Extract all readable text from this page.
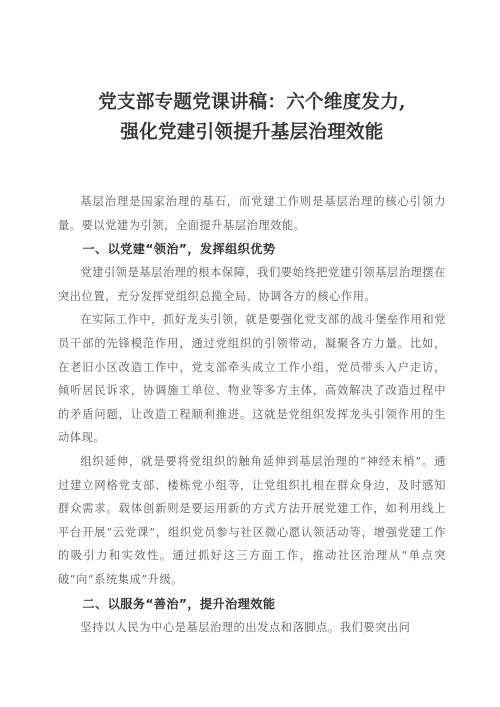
党支部专题党课讲稿：六个维度发力,
强化党建引领提升基层治理效能

基层治理是国家治理的基石，而党建工作则是基层治理的核心引领力量。要以党建为引领，全面提升基层治理效能。

一、以党建“领治”，发挥组织优势

党建引领是基层治理的根本保障，我们要始终把党建引领基层治理摆在突出位置，充分发挥党组织总揽全局、协调各方的核心作用。

在实际工作中，抓好龙头引领，就是要强化党支部的战斗堡垒作用和党员干部的先锋模范作用，通过党组织的引领带动，凝聚各方力量。比如，在老旧小区改造工作中，党支部牵头成立工作小组，党员带头入户走访，倾听居民诉求，协调施工单位、物业等多方主体，高效解决了改造过程中的矛盾问题，让改造工程顺利推进。这就是党组织发挥龙头引领作用的生动体现。

组织延伸，就是要将党组织的触角延伸到基层治理的“神经末梢”。通过建立网格党支部、楼栋党小组等，让党组织扎根在群众身边，及时感知群众需求。载体创新则是要运用新的方式方法开展党建工作，如利用线上平台开展“云党课”，组织党员参与社区微心愿认领活动等，增强党建工作的吸引力和实效性。通过抓好这三方面工作，推动社区治理从“单点突破”向“系统集成”升级。

二、以服务“善治”，提升治理效能

坚持以人民为中心是基层治理的出发点和落脚点。我们要突出问
